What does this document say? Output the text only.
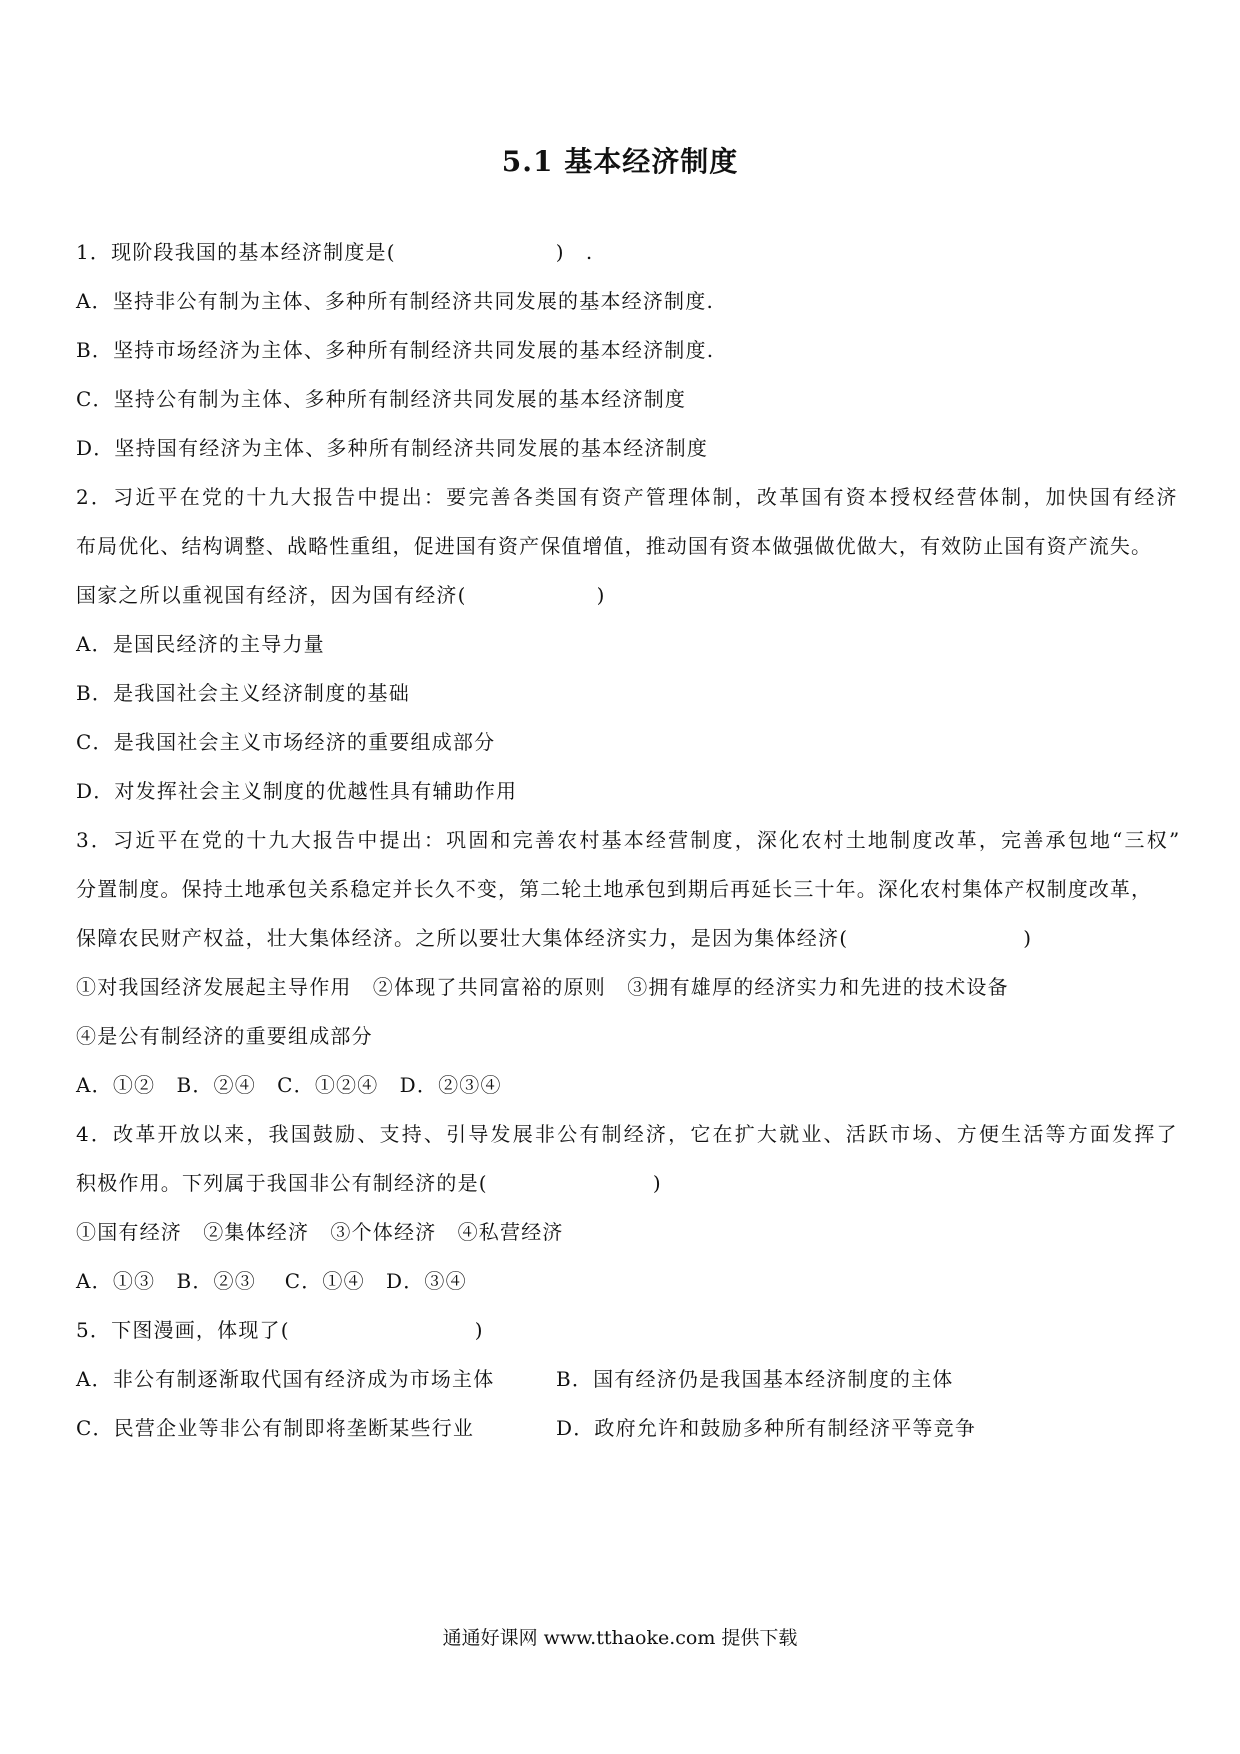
5.1 基本经济制度
1．现阶段我国的基本经济制度是(	)　.
A．坚持非公有制为主体、多种所有制经济共同发展的基本经济制度.
B．坚持市场经济为主体、多种所有制经济共同发展的基本经济制度.
C．坚持公有制为主体、多种所有制经济共同发展的基本经济制度
D．坚持国有经济为主体、多种所有制经济共同发展的基本经济制度
2．习近平在党的十九大报告中提出：要完善各类国有资产管理体制，改革国有资本授权经营体制，加快国有经济
布局优化、结构调整、战略性重组，促进国有资产保值增值，推动国有资本做强做优做大，有效防止国有资产流失。
国家之所以重视国有经济，因为国有经济(	)
A．是国民经济的主导力量
B．是我国社会主义经济制度的基础
C．是我国社会主义市场经济的重要组成部分
D．对发挥社会主义制度的优越性具有辅助作用
3．习近平在党的十九大报告中提出：巩固和完善农村基本经营制度，深化农村土地制度改革，完善承包地“三权”
分置制度。保持土地承包关系稳定并长久不变，第二轮土地承包到期后再延长三十年。深化农村集体产权制度改革，
保障农民财产权益，壮大集体经济。之所以要壮大集体经济实力，是因为集体经济(	)
①对我国经济发展起主导作用　②体现了共同富裕的原则　③拥有雄厚的经济实力和先进的技术设备
④是公有制经济的重要组成部分
A．①②　B．②④　C．①②④　D．②③④
4．改革开放以来，我国鼓励、支持、引导发展非公有制经济，它在扩大就业、活跃市场、方便生活等方面发挥了
积极作用。下列属于我国非公有制经济的是(	)
①国有经济　②集体经济　③个体经济　④私营经济
A．①③　B．②③　 C．①④　D．③④
5．下图漫画，体现了(	)
A．非公有制逐渐取代国有经济成为市场主体	B．国有经济仍是我国基本经济制度的主体
C．民营企业等非公有制即将垄断某些行业	D．政府允许和鼓励多种所有制经济平等竞争
通通好课网 www.tthaoke.com 提供下载
